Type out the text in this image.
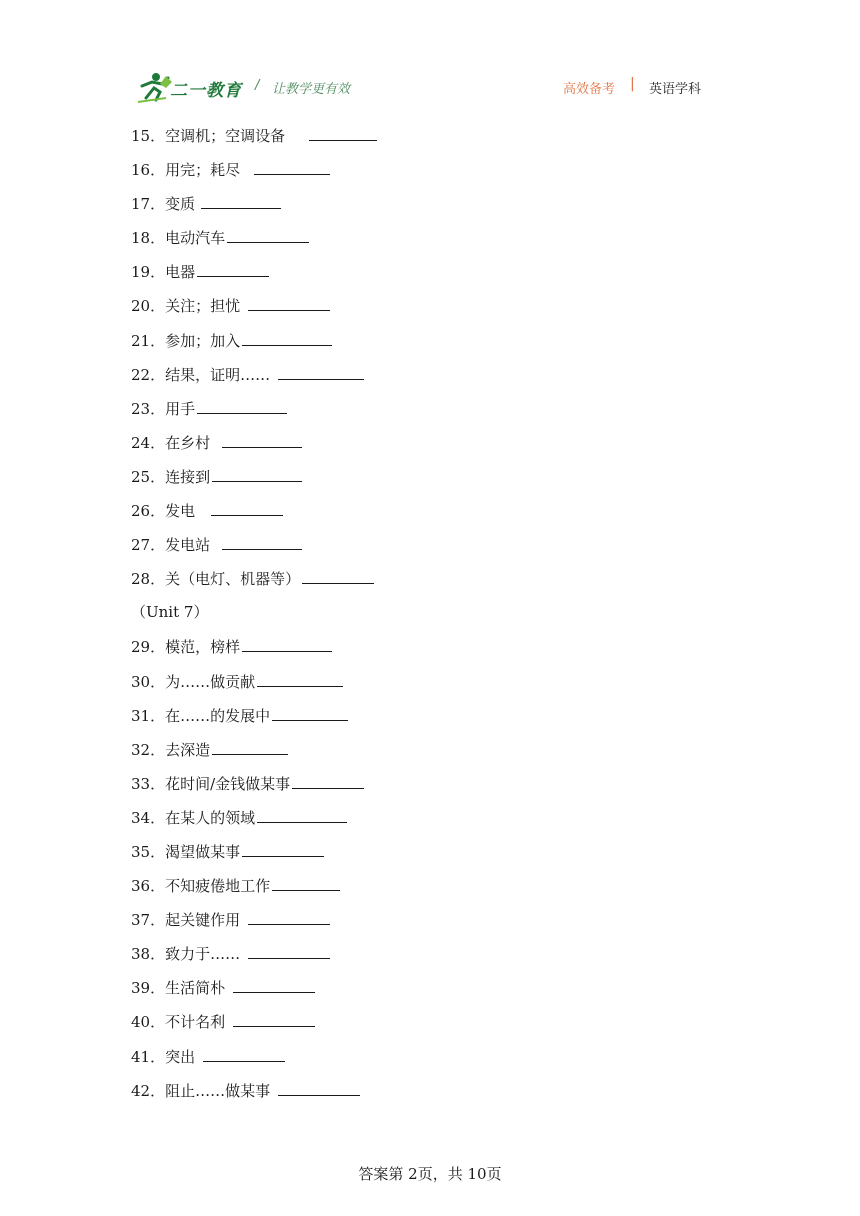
二一教育 / 让教学更有效	高效备考 | 英语学科
15．空调机；空调设备
16．用完；耗尽
17．变质
18．电动汽车
19．电器
20．关注；担忧
21．参加；加入
22．结果，证明……
23．用手
24．在乡村
25．连接到
26．发电
27．发电站
28．关（电灯、机器等）
（Unit 7）
29．模范，榜样
30．为……做贡献
31．在……的发展中
32．去深造
33．花时间/金钱做某事
34．在某人的领域
35．渴望做某事
36．不知疲倦地工作
37．起关键作用
38．致力于……
39．生活简朴
40．不计名利
41．突出
42．阻止……做某事
答案第 2页，共 10页
